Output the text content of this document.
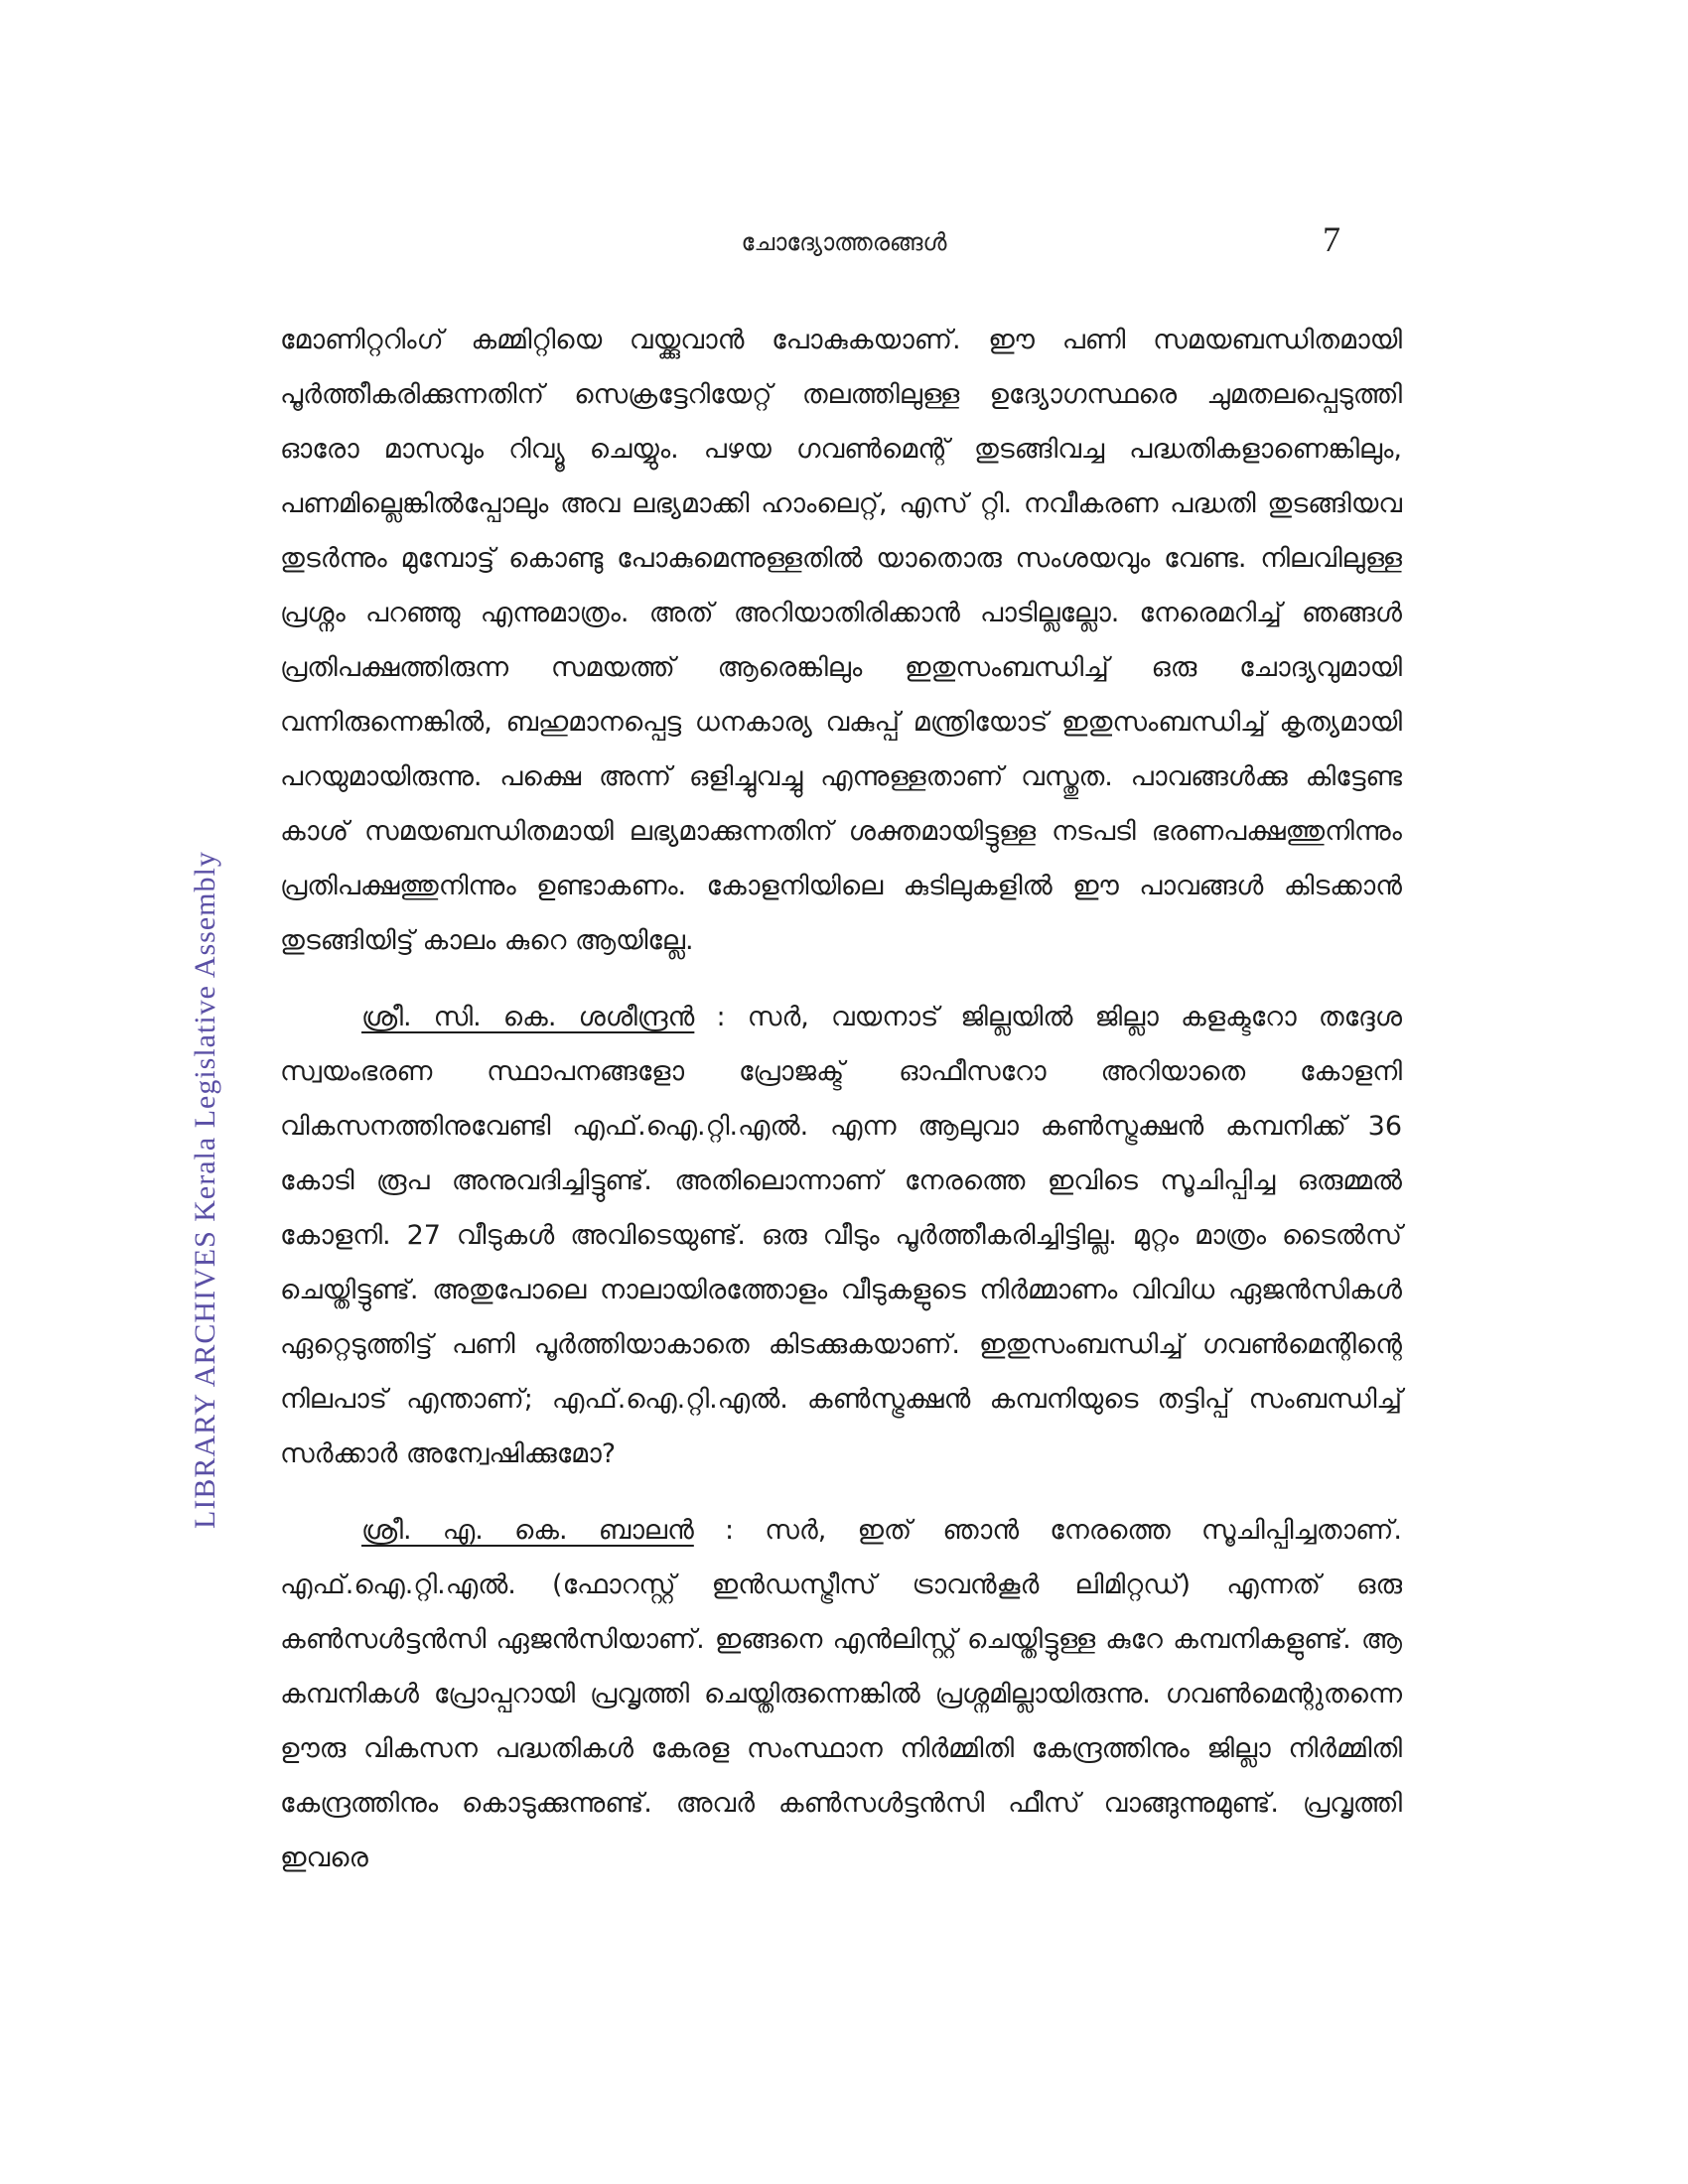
ചോദ്യോത്തരങ്ങൾ	7
LIBRARY ARCHIVES Kerala Legislative Assembly

മോണിറ്ററിംഗ് കമ്മിറ്റിയെ വയ്ക്കുവാൻ പോകുകയാണ്. ഈ പണി സമയബന്ധിതമായി പൂർത്തീകരിക്കുന്നതിന് സെക്രട്ടേറിയേറ്റ് തലത്തിലുള്ള ഉദ്യോഗസ്ഥരെ ചുമതലപ്പെടുത്തി ഓരോ മാസവും റിവ്യൂ ചെയ്യും. പഴയ ഗവൺമെന്റ് തുടങ്ങിവച്ച പദ്ധതികളാണെങ്കിലും, പണമില്ലെങ്കിൽപ്പോലും അവ ലഭ്യമാക്കി ഹാംലെറ്റ്, എസ് റ്റി. നവീകരണ പദ്ധതി തുടങ്ങിയവ തുടർന്നും മുമ്പോട്ട് കൊണ്ടു പോകുമെന്നുള്ളതിൽ യാതൊരു സംശയവും വേണ്ട. നിലവിലുള്ള പ്രശ്നം പറഞ്ഞു എന്നുമാത്രം. അത് അറിയാതിരിക്കാൻ പാടില്ലല്ലോ. നേരെമറിച്ച് ഞങ്ങൾ പ്രതിപക്ഷത്തിരുന്ന സമയത്ത് ആരെങ്കിലും ഇതുസംബന്ധിച്ച് ഒരു ചോദ്യവുമായി വന്നിരുന്നെങ്കിൽ, ബഹുമാനപ്പെട്ട ധനകാര്യ വകുപ്പ് മന്ത്രിയോട് ഇതുസംബന്ധിച്ച് കൃത്യമായി പറയുമായിരുന്നു. പക്ഷെ അന്ന് ഒളിച്ചുവച്ചു എന്നുള്ളതാണ് വസ്തുത. പാവങ്ങൾക്കു കിട്ടേണ്ട കാശ് സമയബന്ധിതമായി ലഭ്യമാക്കുന്നതിന് ശക്തമായിട്ടുള്ള നടപടി ഭരണപക്ഷത്തുനിന്നും പ്രതിപക്ഷത്തുനിന്നും ഉണ്ടാകണം. കോളനിയിലെ കുടിലുകളിൽ ഈ പാവങ്ങൾ കിടക്കാൻ തുടങ്ങിയിട്ട് കാലം കുറെ ആയില്ലേ.

ശ്രീ. സി. കെ. ശശീന്ദ്രൻ : സർ, വയനാട് ജില്ലയിൽ ജില്ലാ കളക്ടറോ തദ്ദേശ സ്വയംഭരണ സ്ഥാപനങ്ങളോ പ്രോജക്ട് ഓഫീസറോ അറിയാതെ കോളനി വികസനത്തിനുവേണ്ടി എഫ്.ഐ.റ്റി.എൽ. എന്ന ആലുവാ കൺസ്ട്രക്ഷൻ കമ്പനിക്ക് 36 കോടി രൂപ അനുവദിച്ചിട്ടുണ്ട്. അതിലൊന്നാണ് നേരത്തെ ഇവിടെ സൂചിപ്പിച്ച ഒരുമ്മൽ കോളനി. 27 വീടുകൾ അവിടെയുണ്ട്. ഒരു വീടും പൂർത്തീകരിച്ചിട്ടില്ല. മുറ്റം മാത്രം ടൈൽസ് ചെയ്തിട്ടുണ്ട്. അതുപോലെ നാലായിരത്തോളം വീടുകളുടെ നിർമ്മാണം വിവിധ ഏജൻസികൾ ഏറ്റെടുത്തിട്ട് പണി പൂർത്തിയാകാതെ കിടക്കുകയാണ്. ഇതുസംബന്ധിച്ച് ഗവൺമെന്റിന്റെ നിലപാട് എന്താണ്; എഫ്.ഐ.റ്റി.എൽ. കൺസ്ട്രക്ഷൻ കമ്പനിയുടെ തട്ടിപ്പ് സംബന്ധിച്ച് സർക്കാർ അന്വേഷിക്കുമോ?

ശ്രീ. എ. കെ. ബാലൻ : സർ, ഇത് ഞാൻ നേരത്തെ സൂചിപ്പിച്ചതാണ്. എഫ്.ഐ.റ്റി.എൽ. (ഫോറസ്റ്റ് ഇൻഡസ്ട്രീസ് ട്രാവൻകൂർ ലിമിറ്റഡ്) എന്നത് ഒരു കൺസൾട്ടൻസി ഏജൻസിയാണ്. ഇങ്ങനെ എൻലിസ്റ്റ് ചെയ്തിട്ടുള്ള കുറേ കമ്പനികളുണ്ട്. ആ കമ്പനികൾ പ്രോപ്പറായി പ്രവൃത്തി ചെയ്തിരുന്നെങ്കിൽ പ്രശ്നമില്ലായിരുന്നു. ഗവൺമെന്റുതന്നെ ഊരു വികസന പദ്ധതികൾ കേരള സംസ്ഥാന നിർമ്മിതി കേന്ദ്രത്തിനും ജില്ലാ നിർമ്മിതി കേന്ദ്രത്തിനും കൊടുക്കുന്നുണ്ട്. അവർ കൺസൾട്ടൻസി ഫീസ് വാങ്ങുന്നുമുണ്ട്. പ്രവൃത്തി ഇവരെ
